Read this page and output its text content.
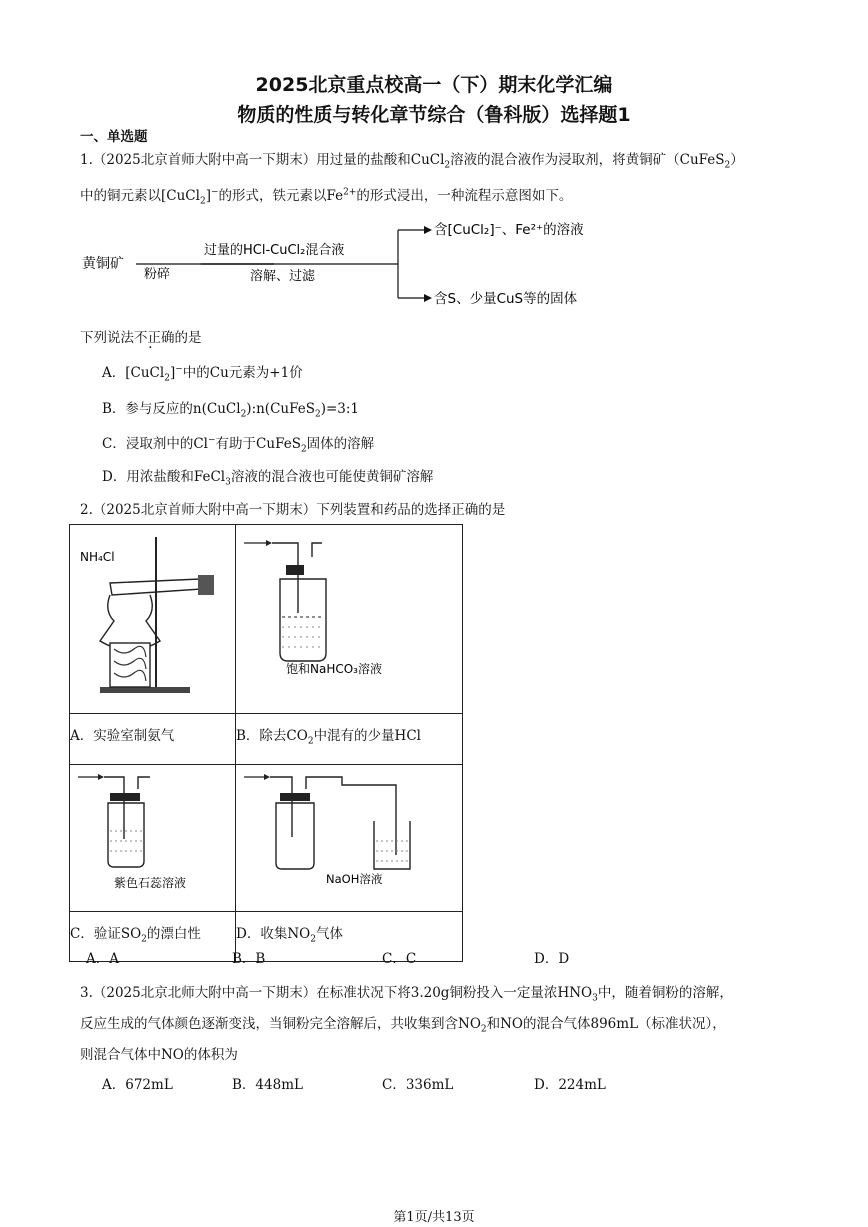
2025北京重点校高一（下）期末化学汇编
物质的性质与转化章节综合（鲁科版）选择题1
一、单选题
1.（2025北京首师大附中高一下期末）用过量的盐酸和CuCl$_2$溶液的混合液作为浸取剂，将黄铜矿（CuFeS$_2$）
中的铜元素以[CuCl$_2$]−的形式，铁元素以$Fe^{2+}$的形式浸出，一种流程示意图如下。
黄铜矿
粉碎
过量的HCl-CuCl₂混合液
溶解、过滤
含[CuCl₂]⁻、Fe²⁺的溶液
含S、少量CuS等的固体
下列说法不正确的是
A．[CuCl$_2$]−中的Cu元素为+1价
B．参与反应的n(CuCl$_2$):n(CuFeS$_2$)=3:1
C．浸取剂中的Cl−有助于CuFeS$_2$固体的溶解
D．用浓盐酸和FeCl$_3$溶液的混合液也可能使黄铜矿溶解
2.（2025北京首师大附中高一下期末）下列装置和药品的选择正确的是
NH₄Cl	饱和NaHCO₃溶液

A．实验室制氨气	B．除去$CO_2$中混有的少量HCl

紫色石蕊溶液	NaOH溶液

C．验证$SO_2$的漂白性	D．收集$NO_2$气体
A．A	B．B	C．C	D．D
3.（2025北京北师大附中高一下期末）在标准状况下将3.20g铜粉投入一定量浓$HNO_3$中，随着铜粉的溶解，
反应生成的气体颜色逐渐变浅，当铜粉完全溶解后，共收集到含$NO_2$和NO的混合气体896mL（标准状况），
则混合气体中NO的体积为
A．672mL	B．448mL	C．336mL	D．224mL
第1页/共13页
